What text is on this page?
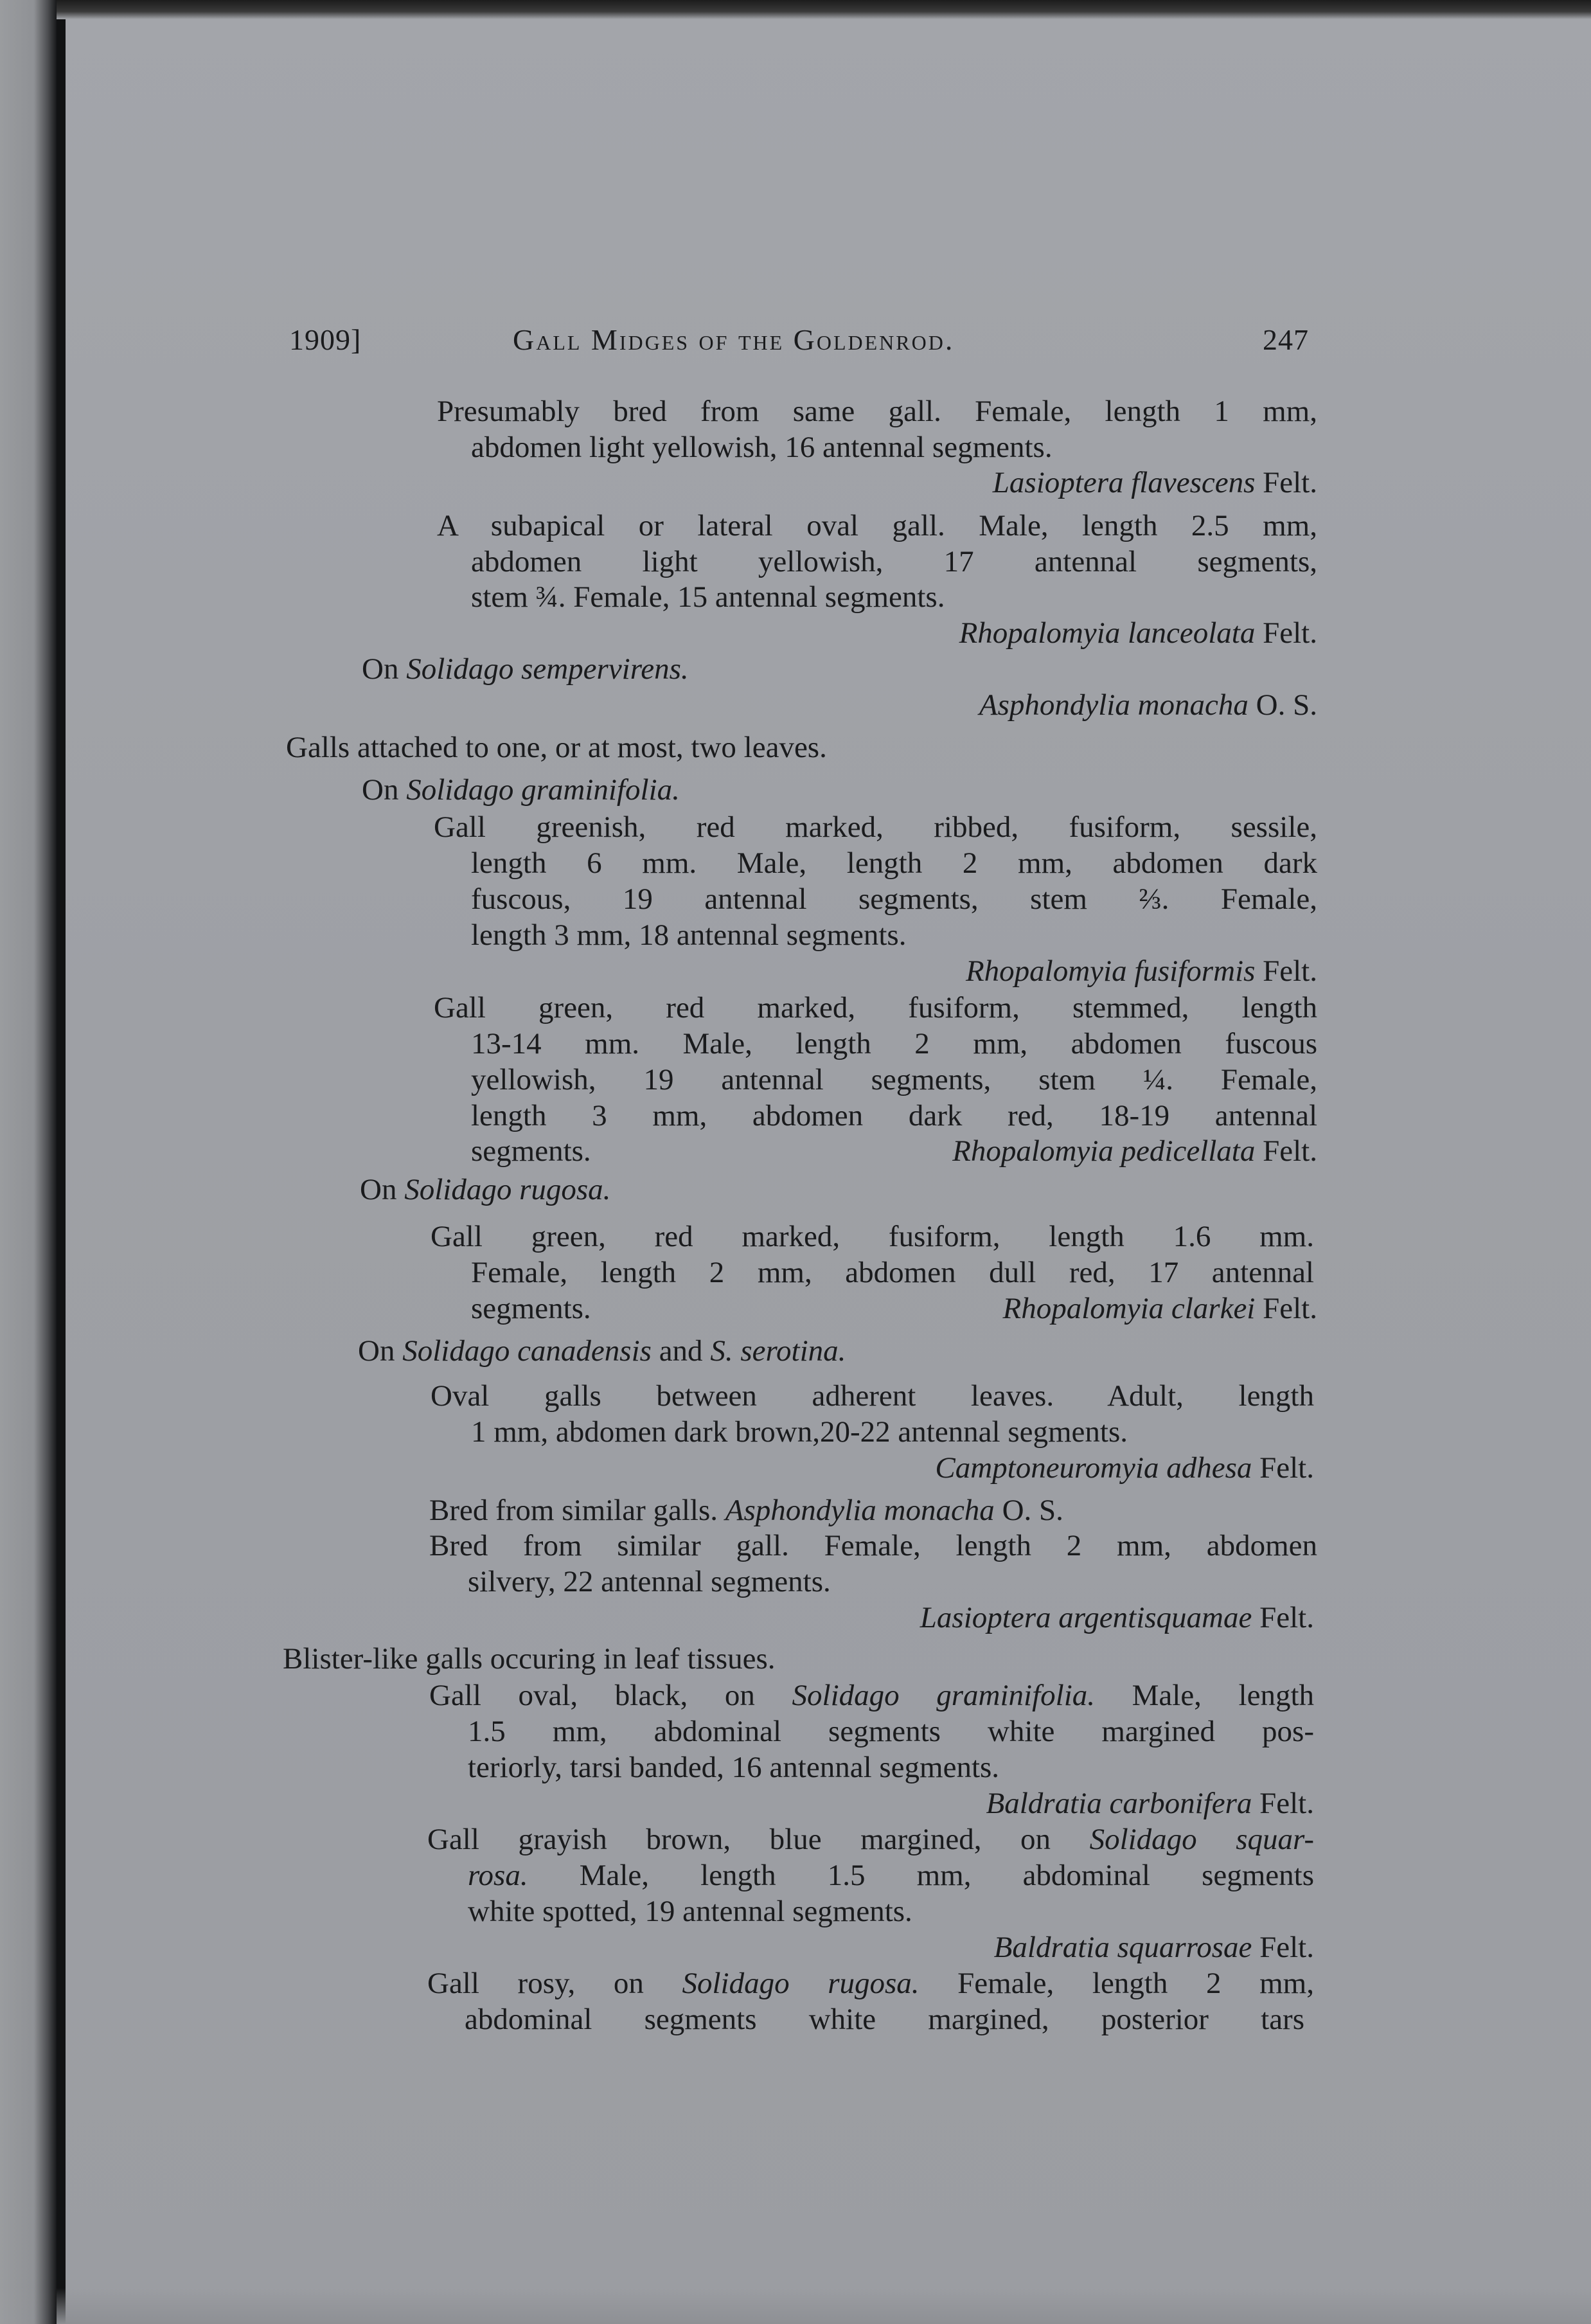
1909]	Gall Midges of the Goldenrod.	247
Presumably bred from same gall. Female, length 1 mm,
abdomen light yellowish, 16 antennal segments.
Lasioptera flavescens Felt.
A subapical or lateral oval gall. Male, length 2.5 mm,
abdomen light yellowish, 17 antennal segments,
stem ¾. Female, 15 antennal segments.
Rhopalomyia lanceolata Felt.
On Solidago sempervirens.
Asphondylia monacha O. S.
Galls attached to one, or at most, two leaves.
On Solidago graminifolia.
Gall greenish, red marked, ribbed, fusiform, sessile,
length 6 mm. Male, length 2 mm, abdomen dark
fuscous, 19 antennal segments, stem ⅔. Female,
length 3 mm, 18 antennal segments.
Rhopalomyia fusiformis Felt.
Gall green, red marked, fusiform, stemmed, length
13-14 mm. Male, length 2 mm, abdomen fuscous
yellowish, 19 antennal segments, stem ¼. Female,
length 3 mm, abdomen dark red, 18-19 antennal
segments.	Rhopalomyia pedicellata Felt.
On Solidago rugosa.
Gall green, red marked, fusiform, length 1.6 mm.
Female, length 2 mm, abdomen dull red, 17 antennal
segments.	Rhopalomyia clarkei Felt.
On Solidago canadensis and S. serotina.
Oval galls between adherent leaves. Adult, length
1 mm, abdomen dark brown,20-22 antennal segments.
Camptoneuromyia adhesa Felt.
Bred from similar galls. Asphondylia monacha O. S.
Bred from similar gall. Female, length 2 mm, abdomen
silvery, 22 antennal segments.
Lasioptera argentisquamae Felt.
Blister-like galls occuring in leaf tissues.
Gall oval, black, on Solidago graminifolia. Male, length
1.5 mm, abdominal segments white margined pos-
teriorly, tarsi banded, 16 antennal segments.
Baldratia carbonifera Felt.
Gall grayish brown, blue margined, on Solidago squar-
rosa. Male, length 1.5 mm, abdominal segments
white spotted, 19 antennal segments.
Baldratia squarrosae Felt.
Gall rosy, on Solidago rugosa. Female, length 2 mm,
abdominal segments white margined, posterior tars
